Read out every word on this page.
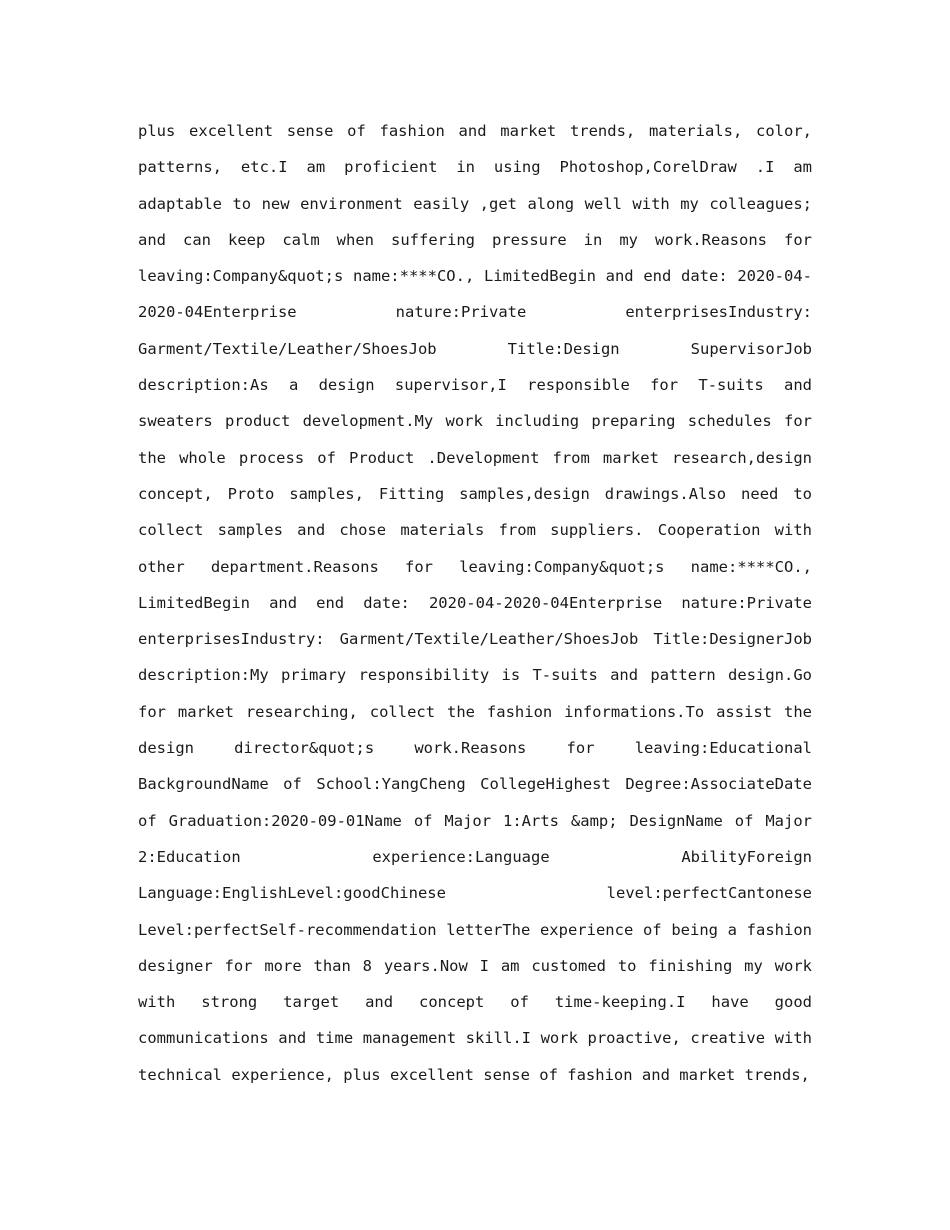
plus excellent sense of fashion and market trends, materials, color, patterns, etc.I am proficient in using Photoshop,CorelDraw .I am adaptable to new environment easily ,get along well with my colleagues; and can keep calm when suffering pressure in my work.Reasons for leaving:Company&quot;s name:****CO., LimitedBegin and end date: 2020-04-2020-04Enterprise nature:Private enterprisesIndustry: Garment/Textile/Leather/ShoesJob Title:Design SupervisorJob description:As a design supervisor,I responsible for T-suits and sweaters product development.My work including preparing schedules for the whole process of Product .Development from market research,design concept, Proto samples, Fitting samples,design drawings.Also need to collect samples and chose materials from suppliers. Cooperation with other department.Reasons for leaving:Company&quot;s name:****CO., LimitedBegin and end date: 2020-04-2020-04Enterprise nature:Private enterprisesIndustry: Garment/Textile/Leather/ShoesJob Title:DesignerJob description:My primary responsibility is T-suits and pattern design.Go for market researching, collect the fashion informations.To assist the design director&quot;s work.Reasons for leaving:Educational BackgroundName of School:YangCheng CollegeHighest Degree:AssociateDate of Graduation:2020-09-01Name of Major 1:Arts &amp; DesignName of Major 2:Education experience:Language AbilityForeign Language:EnglishLevel:goodChinese level:perfectCantonese Level:perfectSelf-recommendation letterThe experience of being a fashion designer for more than 8 years.Now I am customed to finishing my work with strong target and concept of time-keeping.I have good communications and time management skill.I work proactive, creative with technical experience, plus excellent sense of fashion and market trends,
